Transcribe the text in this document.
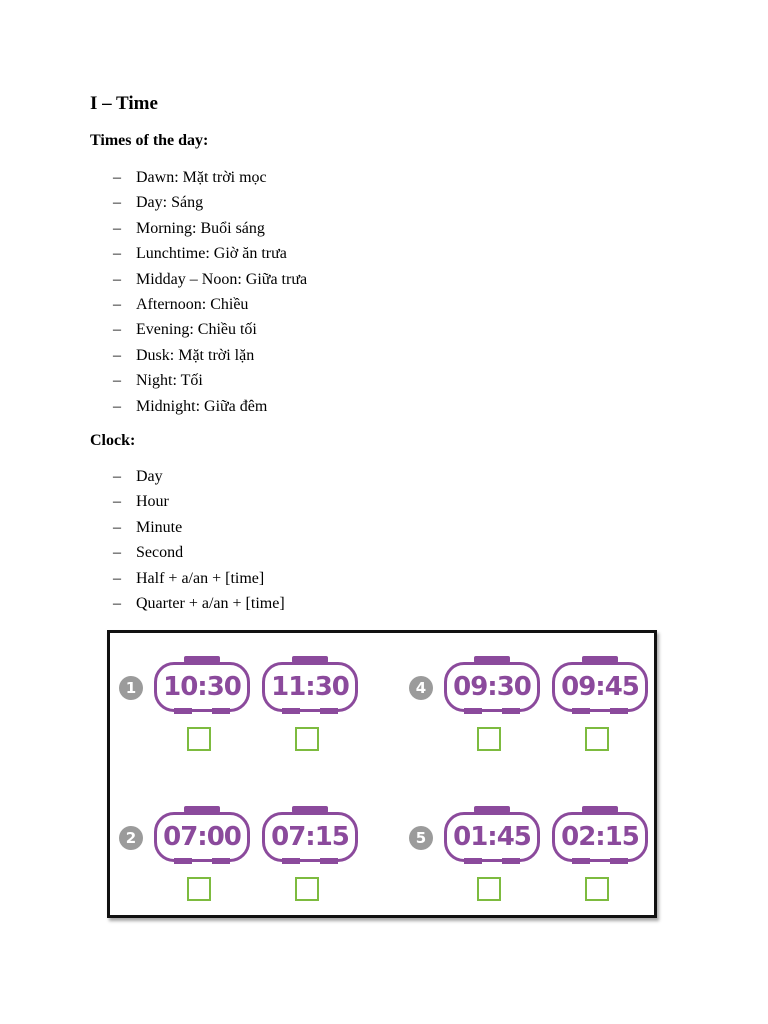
I – Time
Times of the day:
– Dawn: Mặt trời mọc
– Day: Sáng
– Morning: Buổi sáng
– Lunchtime: Giờ ăn trưa
– Midday – Noon: Giữa trưa
– Afternoon: Chiều
– Evening: Chiều tối
– Dusk: Mặt trời lặn
– Night: Tối
– Midnight: Giữa đêm
Clock:
– Day
– Hour
– Minute
– Second
– Half + a/an + [time]
– Quarter + a/an + [time]
1	10:30	11:30	4	09:30	09:45
2	07:00	07:15	5	01:45	02:15
